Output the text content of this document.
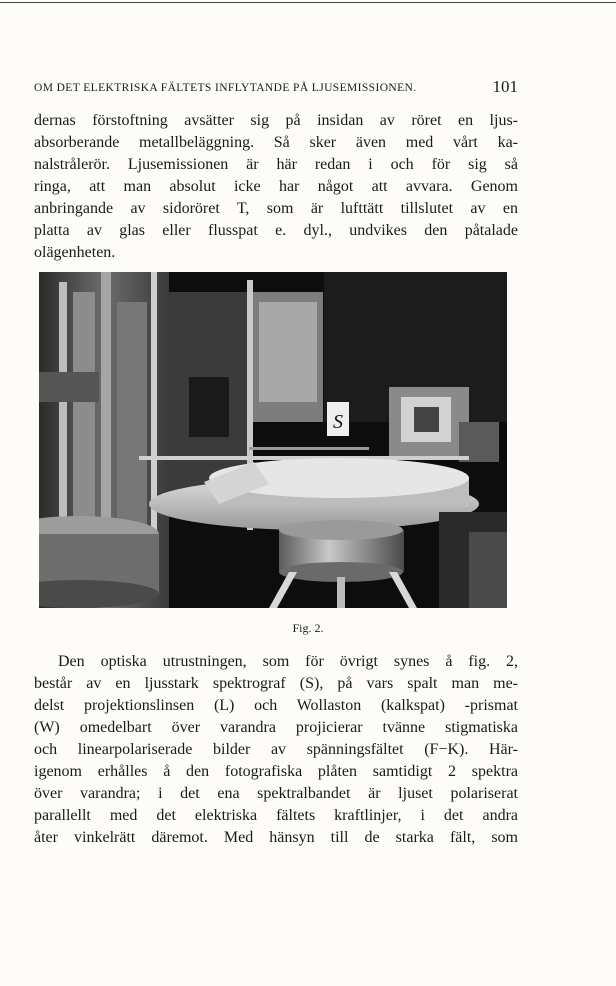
OM DET ELEKTRISKA FÄLTETS INFLYTANDE PÅ LJUSEMISSIONEN.	101
dernas förstoftning avsätter sig på insidan av röret en ljus-
absorberande metallbeläggning. Så sker även med vårt ka-
nalstrålerör. Ljusemissionen är här redan i och för sig så
ringa, att man absolut icke har något att avvara. Genom
anbringande av sidoröret T, som är lufttätt tillslutet av en
platta av glas eller flusspat e. dyl., undvikes den påtalade
olägenheten.
S
Fig. 2.
Den optiska utrustningen, som för övrigt synes å fig. 2,
består av en ljusstark spektrograf (S), på vars spalt man me-
delst projektionslinsen (L) och Wollaston (kalkspat) -prismat
(W) omedelbart över varandra projicierar tvänne stigmatiska
och linearpolariserade bilder av spänningsfältet (F−K). Här-
igenom erhålles å den fotografiska plåten samtidigt 2 spektra
över varandra; i det ena spektralbandet är ljuset polariserat
parallellt med det elektriska fältets kraftlinjer, i det andra
åter vinkelrätt däremot. Med hänsyn till de starka fält, som
